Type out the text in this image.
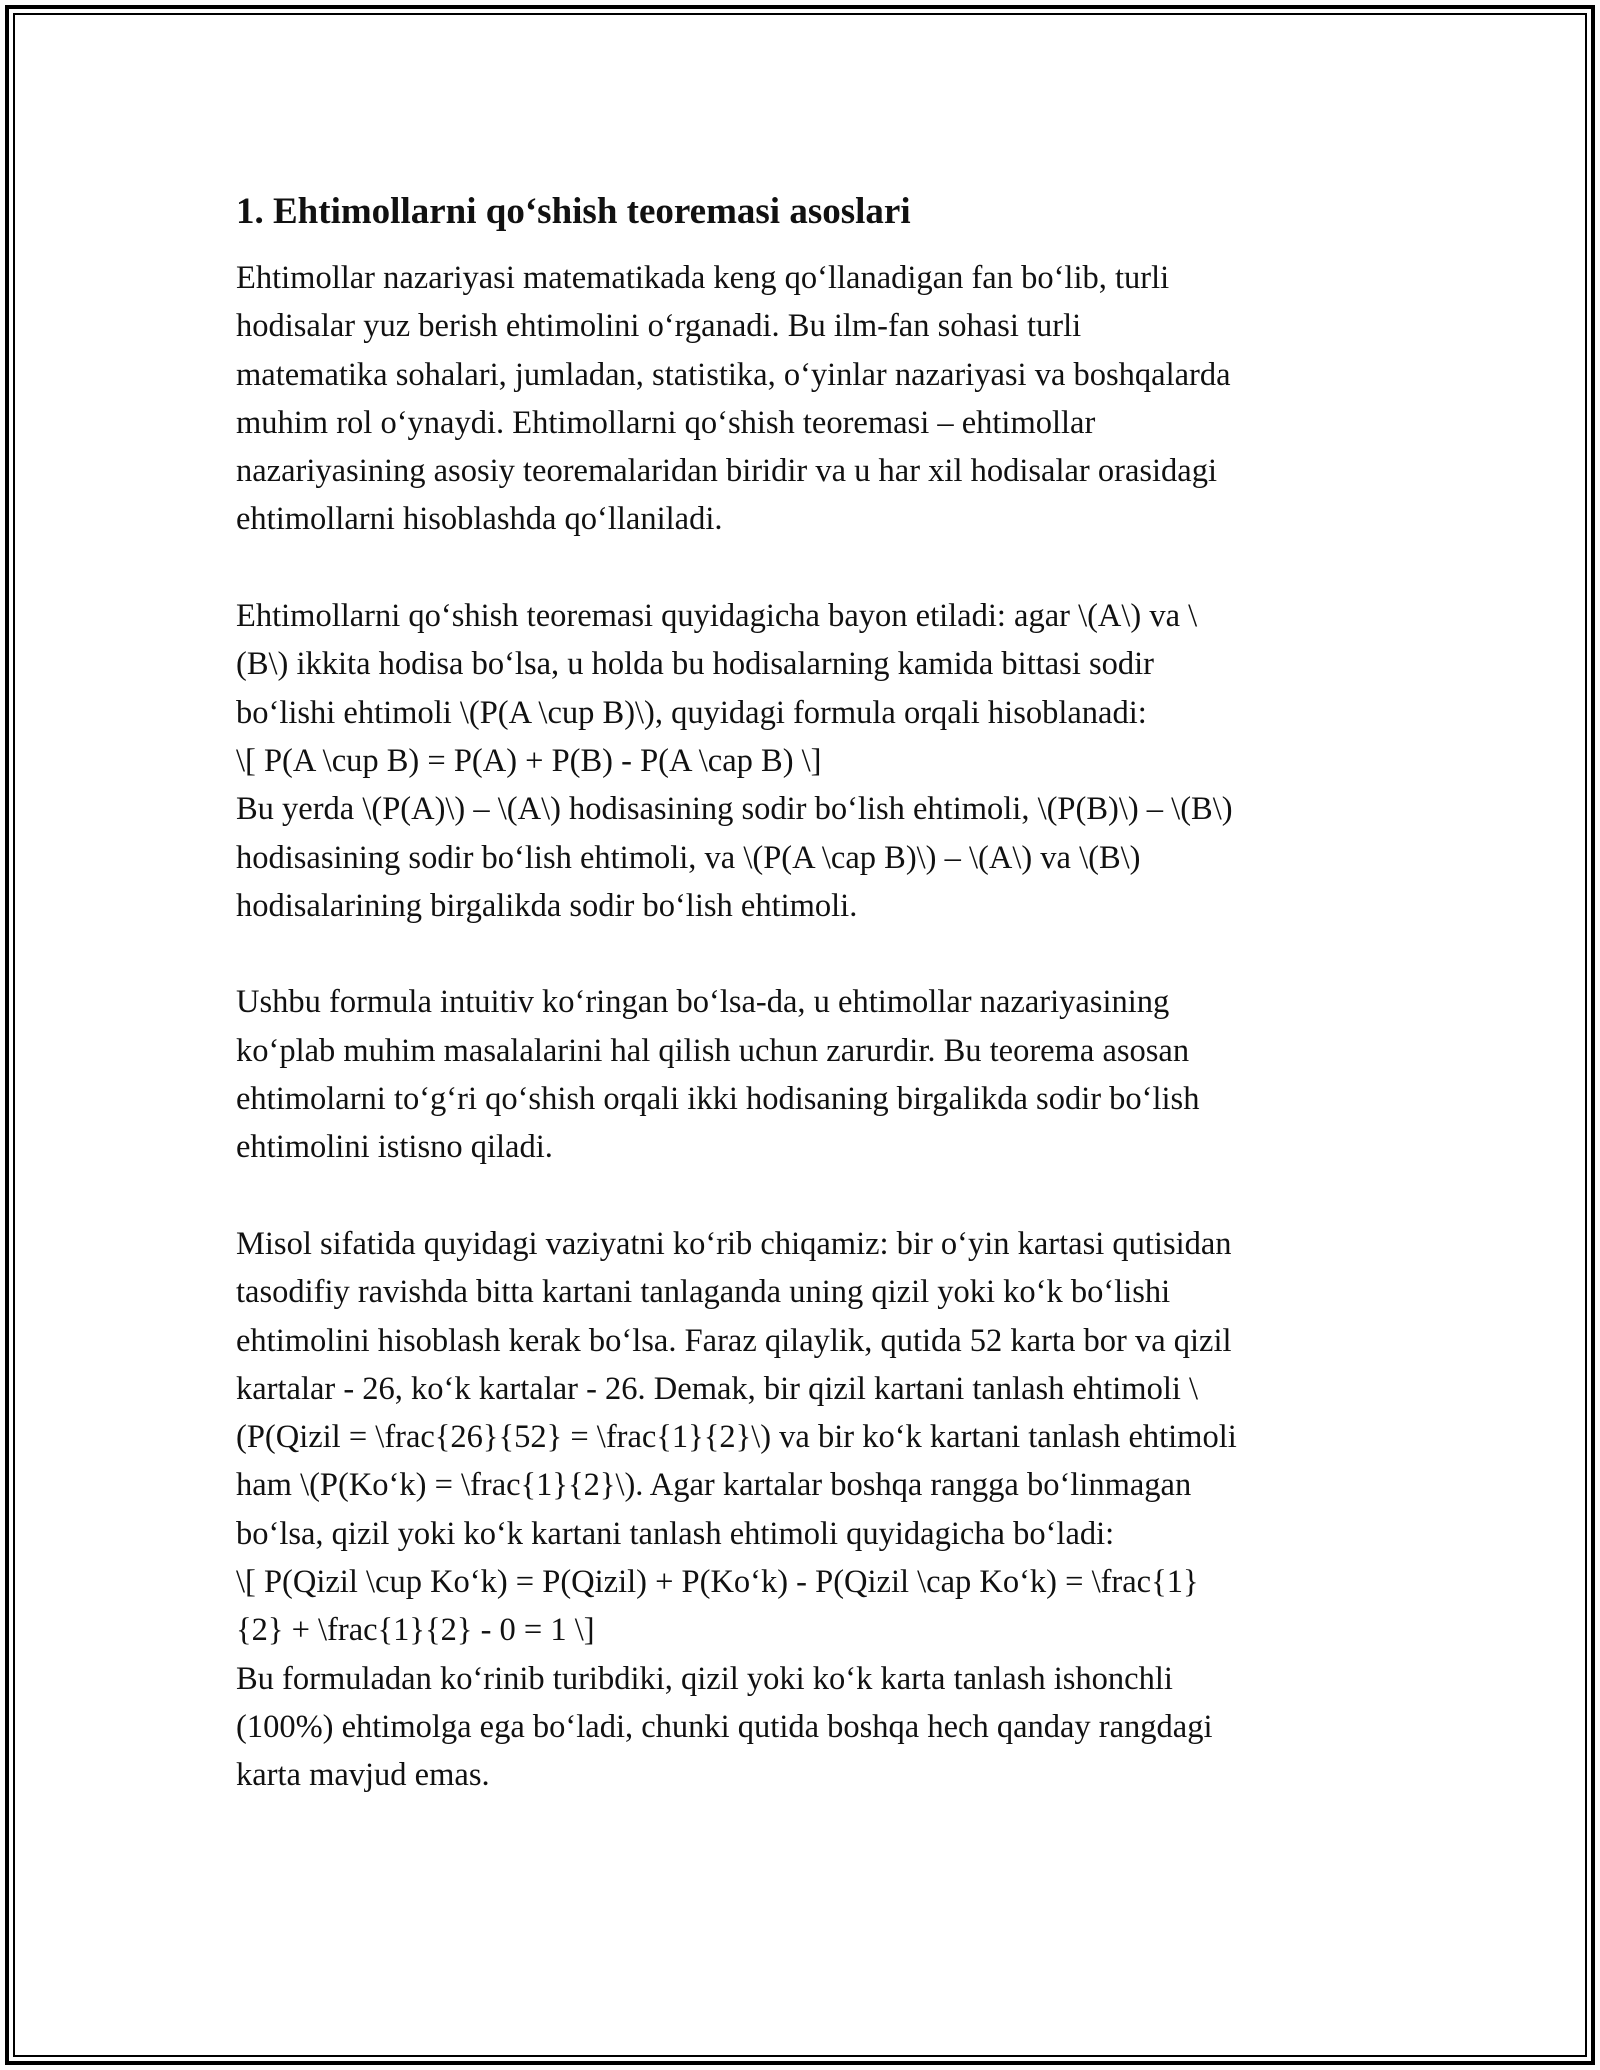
1. Ehtimollarni qo‘shish teoremasi asoslari
Ehtimollar nazariyasi matematikada keng qo‘llanadigan fan bo‘lib, turli
hodisalar yuz berish ehtimolini o‘rganadi. Bu ilm-fan sohasi turli
matematika sohalari, jumladan, statistika, o‘yinlar nazariyasi va boshqalarda
muhim rol o‘ynaydi. Ehtimollarni qo‘shish teoremasi – ehtimollar
nazariyasining asosiy teoremalaridan biridir va u har xil hodisalar orasidagi
ehtimollarni hisoblashda qo‘llaniladi.
Ehtimollarni qo‘shish teoremasi quyidagicha bayon etiladi: agar \(A\) va \
(B\) ikkita hodisa bo‘lsa, u holda bu hodisalarning kamida bittasi sodir
bo‘lishi ehtimoli \(P(A \cup B)\), quyidagi formula orqali hisoblanadi:
\[ P(A \cup B) = P(A) + P(B) - P(A \cap B) \]
Bu yerda \(P(A)\) – \(A\) hodisasining sodir bo‘lish ehtimoli, \(P(B)\) – \(B\)
hodisasining sodir bo‘lish ehtimoli, va \(P(A \cap B)\) – \(A\) va \(B\)
hodisalarining birgalikda sodir bo‘lish ehtimoli.
Ushbu formula intuitiv ko‘ringan bo‘lsa-da, u ehtimollar nazariyasining
ko‘plab muhim masalalarini hal qilish uchun zarurdir. Bu teorema asosan
ehtimolarni to‘g‘ri qo‘shish orqali ikki hodisaning birgalikda sodir bo‘lish
ehtimolini istisno qiladi.
Misol sifatida quyidagi vaziyatni ko‘rib chiqamiz: bir o‘yin kartasi qutisidan
tasodifiy ravishda bitta kartani tanlaganda uning qizil yoki ko‘k bo‘lishi
ehtimolini hisoblash kerak bo‘lsa. Faraz qilaylik, qutida 52 karta bor va qizil
kartalar - 26, ko‘k kartalar - 26. Demak, bir qizil kartani tanlash ehtimoli \
(P(Qizil = \frac{26}{52} = \frac{1}{2}\) va bir ko‘k kartani tanlash ehtimoli
ham \(P(Ko‘k) = \frac{1}{2}\). Agar kartalar boshqa rangga bo‘linmagan
bo‘lsa, qizil yoki ko‘k kartani tanlash ehtimoli quyidagicha bo‘ladi:
\[ P(Qizil \cup Ko‘k) = P(Qizil) + P(Ko‘k) - P(Qizil \cap Ko‘k) = \frac{1}
{2} + \frac{1}{2} - 0 = 1 \]
Bu formuladan ko‘rinib turibdiki, qizil yoki ko‘k karta tanlash ishonchli
(100%) ehtimolga ega bo‘ladi, chunki qutida boshqa hech qanday rangdagi
karta mavjud emas.
